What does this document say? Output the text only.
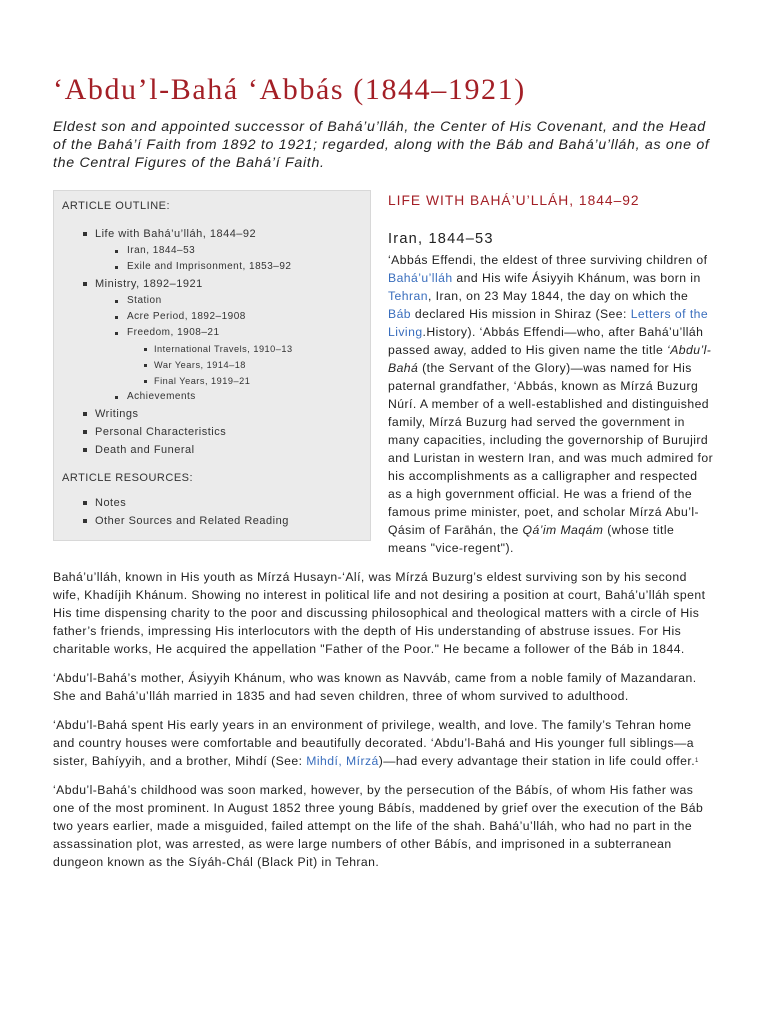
‘Abdu’l-Bahá ‘Abbás (1844–1921)

Eldest son and appointed successor of Bahá’u’lláh, the Center of His Covenant, and the Head of the Bahá’í Faith from 1892 to 1921; regarded, along with the Báb and Bahá’u’lláh, as one of the Central Figures of the Bahá’í Faith.

ARTICLE OUTLINE:
Life with Bahá’u’lláh, 1844–92
Iran, 1844–53
Exile and Imprisonment, 1853–92
Ministry, 1892–1921
Station
Acre Period, 1892–1908
Freedom, 1908–21
International Travels, 1910–13
War Years, 1914–18
Final Years, 1919–21
Achievements
Writings
Personal Characteristics
Death and Funeral
ARTICLE RESOURCES:
Notes
Other Sources and Related Reading
LIFE WITH BAHÁ’U’LLÁH, 1844–92
Iran, 1844–53

‘Abbás Effendi, the eldest of three surviving children of Bahá’u’lláh and His wife Ásiyyih Khánum, was born in Tehran, Iran, on 23 May 1844, the day on which the Báb declared His mission in Shiraz (See: Letters of the Living.History). ‘Abbás Effendi—who, after Bahá’u’lláh passed away, added to His given name the title ‘Abdu’l-Bahá (the Servant of the Glory)—was named for His paternal grandfather, ‘Abbás, known as Mírzá Buzurg Núrí. A member of a well-established and distinguished family, Mírzá Buzurg had served the government in many capacities, including the governorship of Burujird and Luristan in western Iran, and was much admired for his accomplishments as a calligrapher and respected as a high government official. He was a friend of the famous prime minister, poet, and scholar Mírzá Abu’l-Qásim of Farāhán, the Qá’im Maqám (whose title means "vice-regent").

Bahá’u’lláh, known in His youth as Mírzá Husayn-‘Alí, was Mírzá Buzurg’s eldest surviving son by his second wife, Khadíjih Khánum. Showing no interest in political life and not desiring a position at court, Bahá’u’lláh spent His time dispensing charity to the poor and discussing philosophical and theological matters with a circle of His father’s friends, impressing His interlocutors with the depth of His understanding of abstruse issues. For His charitable works, He acquired the appellation "Father of the Poor." He became a follower of the Báb in 1844.

‘Abdu’l-Bahá’s mother, Ásiyyih Khánum, who was known as Navváb, came from a noble family of Mazandaran. She and Bahá’u’lláh married in 1835 and had seven children, three of whom survived to adulthood.

‘Abdu’l-Bahá spent His early years in an environment of privilege, wealth, and love. The family’s Tehran home and country houses were comfortable and beautifully decorated. ‘Abdu’l-Bahá and His younger full siblings—a sister, Bahíyyih, and a brother, Mihdí (See: Mihdí, Mírzá)—had every advantage their station in life could offer.$^1$

‘Abdu’l-Bahá’s childhood was soon marked, however, by the persecution of the Bábís, of whom His father was one of the most prominent. In August 1852 three young Bábís, maddened by grief over the execution of the Báb two years earlier, made a misguided, failed attempt on the life of the shah. Bahá’u’lláh, who had no part in the assassination plot, was arrested, as were large numbers of other Bábís, and imprisoned in a subterranean dungeon known as the Síyáh-Chál (Black Pit) in Tehran.
